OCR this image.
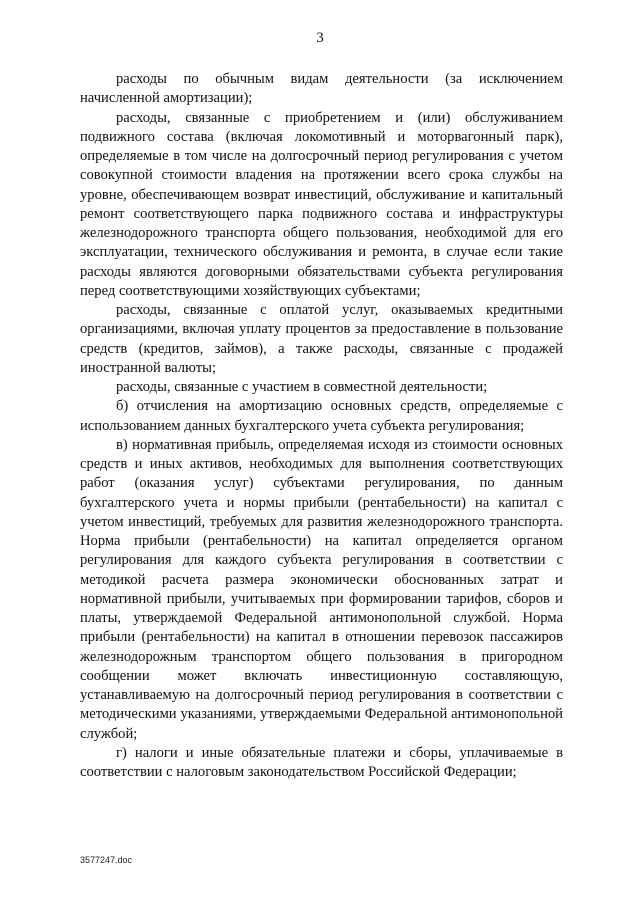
3

расходы по обычным видам деятельности (за исключением начисленной амортизации);

расходы, связанные с приобретением и (или) обслуживанием подвижного состава (включая локомотивный и моторвагонный парк), определяемые в том числе на долгосрочный период регулирования с учетом совокупной стоимости владения на протяжении всего срока службы на уровне, обеспечивающем возврат инвестиций, обслуживание и капитальный ремонт соответствующего парка подвижного состава и инфраструктуры железнодорожного транспорта общего пользования, необходимой для его эксплуатации, технического обслуживания и ремонта, в случае если такие расходы являются договорными обязательствами субъекта регулирования перед соответствующими хозяйствующих субъектами;

расходы, связанные с оплатой услуг, оказываемых кредитными организациями, включая уплату процентов за предоставление в пользование средств (кредитов, займов), а также расходы, связанные с продажей иностранной валюты;

расходы, связанные с участием в совместной деятельности;

б) отчисления на амортизацию основных средств, определяемые с использованием данных бухгалтерского учета субъекта регулирования;

в) нормативная прибыль, определяемая исходя из стоимости основных средств и иных активов, необходимых для выполнения соответствующих работ (оказания услуг) субъектами регулирования, по данным бухгалтерского учета и нормы прибыли (рентабельности) на капитал с учетом инвестиций, требуемых для развития железнодорожного транспорта. Норма прибыли (рентабельности) на капитал определяется органом регулирования для каждого субъекта регулирования в соответствии с методикой расчета размера экономически обоснованных затрат и нормативной прибыли, учитываемых при формировании тарифов, сборов и платы, утверждаемой Федеральной антимонопольной службой. Норма прибыли (рентабельности) на капитал в отношении перевозок пассажиров железнодорожным транспортом общего пользования в пригородном сообщении может включать инвестиционную составляющую, устанавливаемую на долгосрочный период регулирования в соответствии с методическими указаниями, утверждаемыми Федеральной антимонопольной службой;

г) налоги и иные обязательные платежи и сборы, уплачиваемые в соответствии с налоговым законодательством Российской Федерации;

3577247.doc
